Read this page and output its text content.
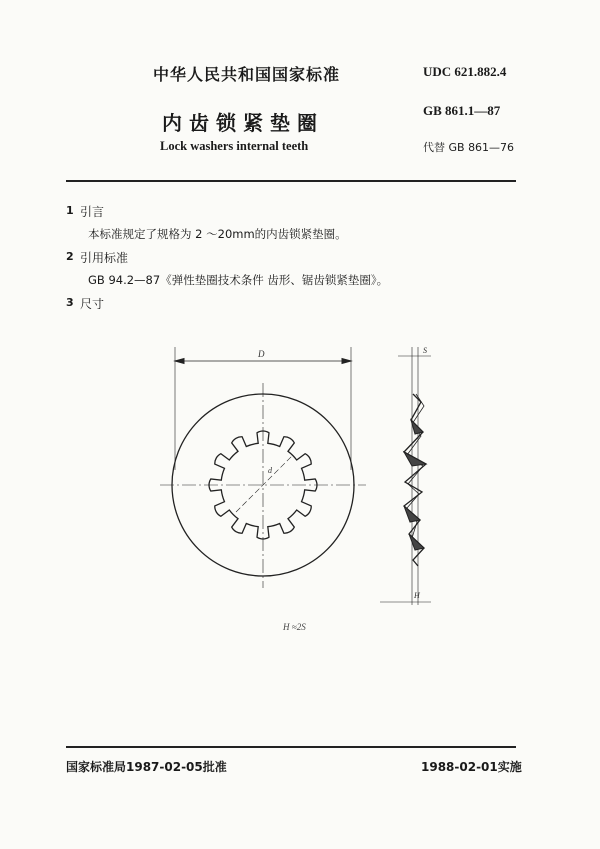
中华人民共和国国家标准	UDC 621.882.4
内齿锁紧垫圈
GB 861.1—87
Lock washers internal teeth	代替 GB 861—76
1 引言
本标准规定了规格为 2 ～20mm的内齿锁紧垫圈。
2 引用标准
GB 94.2—87《弹性垫圈技术条件 齿形、锯齿锁紧垫圈》。
3 尺寸
D	S
d
H
H ≈2S
国家标准局1987-02-05批准	1988-02-01实施
